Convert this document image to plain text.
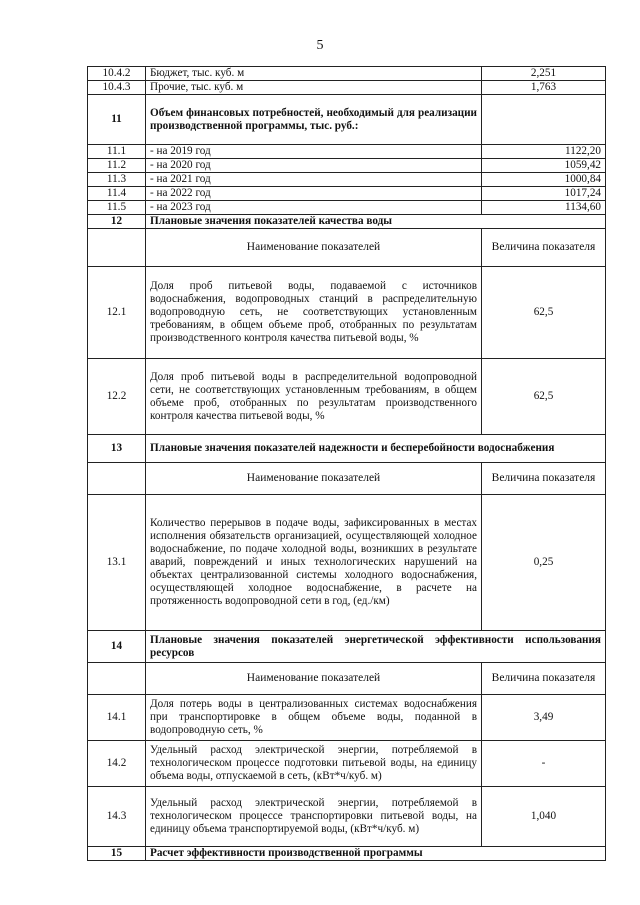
5
10.4.2	Бюджет, тыс. куб. м	2,251
10.4.3	Прочие, тыс. куб. м	1,763
11	Объем финансовых потребностей, необходимый для реализации производственной программы, тыс. руб.:	
11.1	- на 2019 год	1122,20
11.2	- на 2020 год	1059,42
11.3	- на 2021 год	1000,84
11.4	- на 2022 год	1017,24
11.5	- на 2023 год	1134,60
12	Плановые значения показателей качества воды	
	Наименование показателей	Величина показателя
12.1	Доля проб питьевой воды, подаваемой с источников водоснабжения, водопроводных станций в распределительную водопроводную сеть, не соответствующих установленным требованиям, в общем объеме проб, отобранных по результатам производственного контроля качества питьевой воды, %	62,5
12.2	Доля проб питьевой воды в распределительной водопроводной сети, не соответствующих установленным требованиям, в общем объеме проб, отобранных по результатам производственного контроля качества питьевой воды, %	62,5
13	Плановые значения показателей надежности и бесперебойности водоснабжения	
	Наименование показателей	Величина показателя
13.1	Количество перерывов в подаче воды, зафиксированных в местах исполнения обязательств организацией, осуществляющей холодное водоснабжение, по подаче холодной воды, возникших в результате аварий, повреждений и иных технологических нарушений на объектах централизованной системы холодного водоснабжения, осуществляющей холодное водоснабжение, в расчете на протяженность водопроводной сети в год, (ед./км)	0,25
14	Плановые значения показателей энергетической эффективности использования ресурсов	
	Наименование показателей	Величина показателя
14.1	Доля потерь воды в централизованных системах водоснабжения при транспортировке в общем объеме воды, поданной в водопроводную сеть, %	3,49
14.2	Удельный расход электрической энергии, потребляемой в технологическом процессе подготовки питьевой воды, на единицу объема воды, отпускаемой в сеть, (кВт*ч/куб. м)	-
14.3	Удельный расход электрической энергии, потребляемой в технологическом процессе транспортировки питьевой воды, на единицу объема транспортируемой воды, (кВт*ч/куб. м)	1,040
15	Расчет эффективности производственной программы	
